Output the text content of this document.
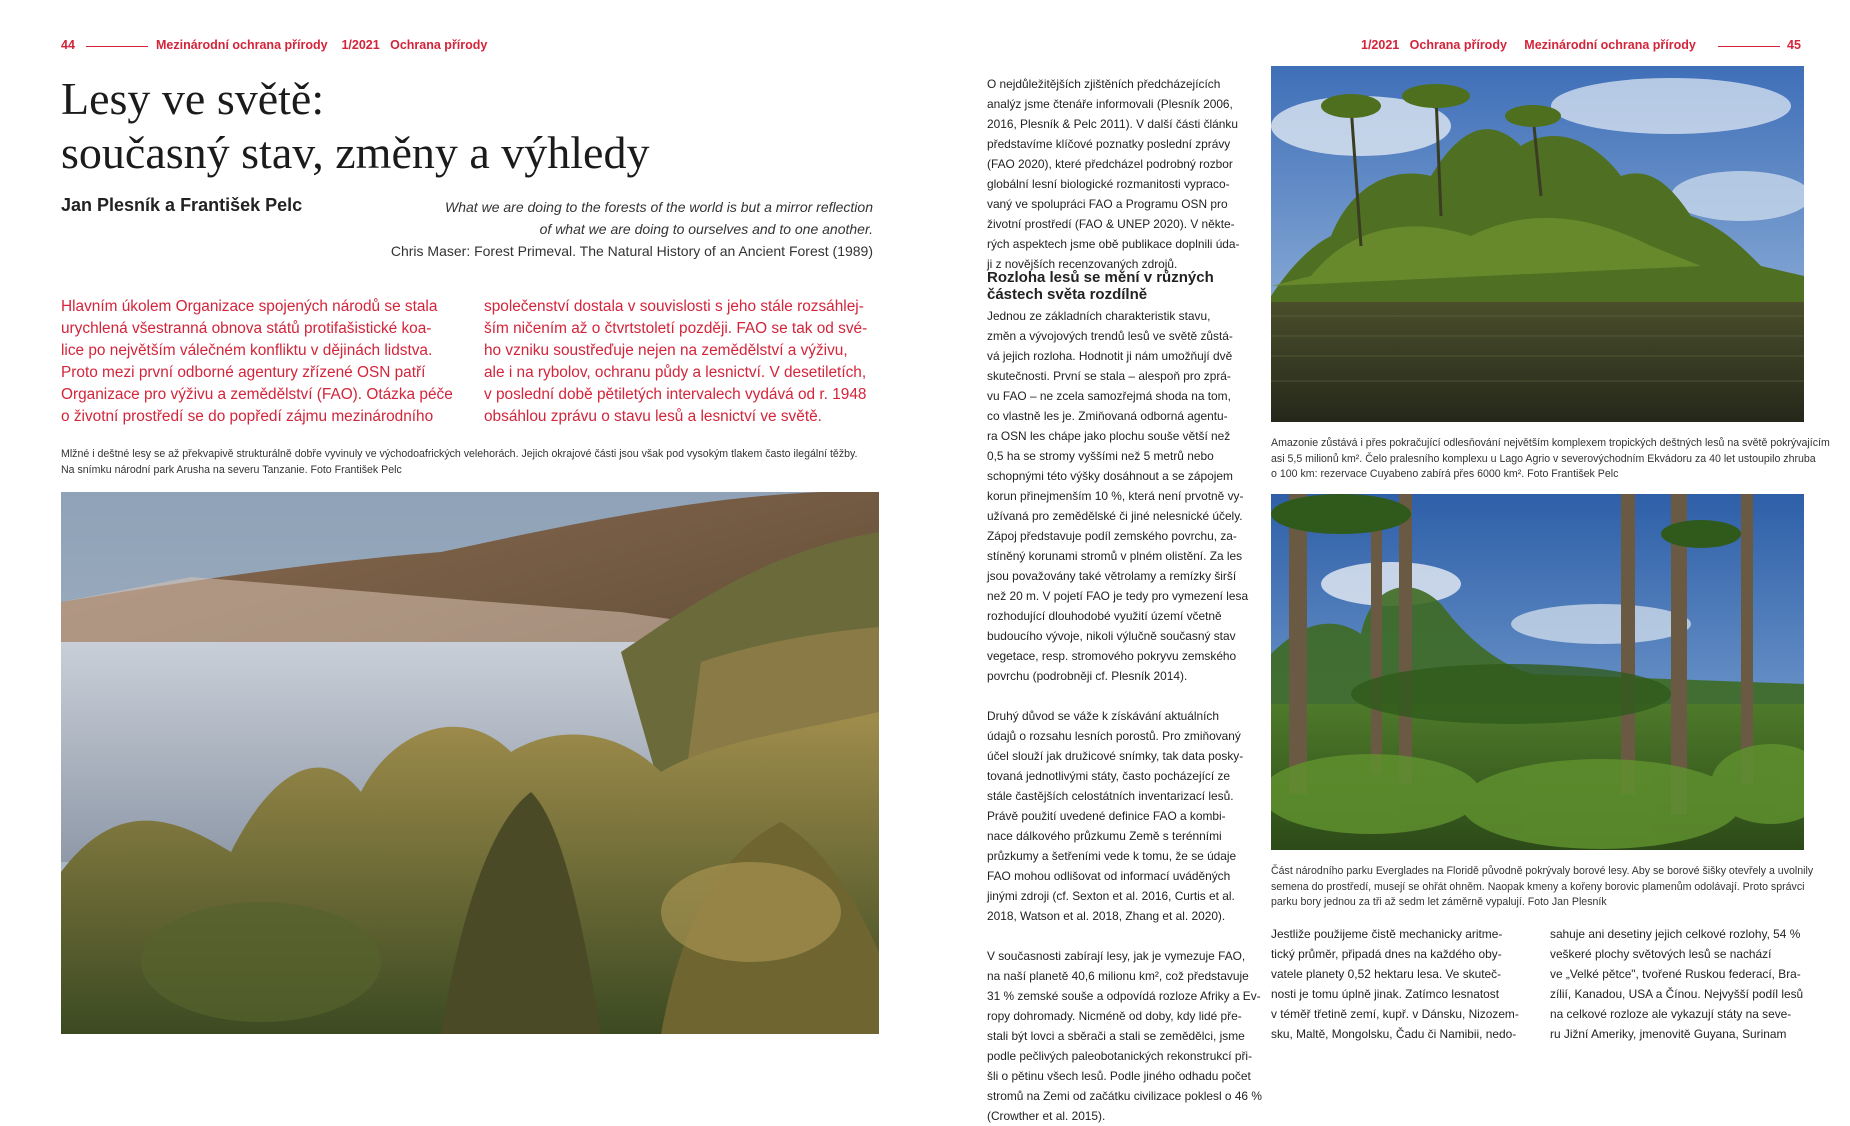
44	Mezinárodní ochrana přírody 1/2021 Ochrana přírody
Lesy ve světě:
současný stav, změny a výhledy
Jan Plesník a František Pelc	What we are doing to the forests of the world is but a mirror reflection
of what we are doing to ourselves and to one another.
Chris Maser: Forest Primeval. The Natural History of an Ancient Forest (1989)

Hlavním úkolem Organizace spojených národů se stala

urychlená všestranná obnova států protifašistické koa-

lice po největším válečném konfliktu v dějinách lidstva.

Proto mezi první odborné agentury zřízené OSN patří

Organizace pro výživu a zemědělství (FAO). Otázka péče

o životní prostředí se do popředí zájmu mezinárodního

společenství dostala v souvislosti s jeho stále rozsáhlej-

ším ničením až o čtvrtstoletí později. FAO se tak od své-

ho vzniku soustřeďuje nejen na zemědělství a výživu,

ale i na rybolov, ochranu půdy a lesnictví. V desetiletích,

v poslední době pětiletých intervalech vydává od r. 1948

obsáhlou zprávu o stavu lesů a lesnictví ve světě.

Mlžné i deštné lesy se až překvapivě strukturálně dobře vyvinuly ve východoafrických velehorách. Jejich okrajové části jsou však pod vysokým tlakem často ilegální těžby.

Na snímku národní park Arusha na severu Tanzanie. Foto František Pelc

1/2021 Ochrana přírody Mezinárodní ochrana přírody	45

O nejdůležitějších zjištěních předcházejících

analýz jsme čtenáře informovali (Plesník 2006,

2016, Plesník & Pelc 2011). V další části článku

představíme klíčové poznatky poslední zprávy

(FAO 2020), které předcházel podrobný rozbor

globální lesní biologické rozmanitosti vypraco-

vaný ve spolupráci FAO a Programu OSN pro

životní prostředí (FAO & UNEP 2020). V někte-

rých aspektech jsme obě publikace doplnili úda-

ji z novějších recenzovaných zdrojů.

Rozloha lesů se mění v různých
částech světa rozdílně

Jednou ze základních charakteristik stavu,

změn a vývojových trendů lesů ve světě zůstá-

vá jejich rozloha. Hodnotit ji nám umožňují dvě

skutečnosti. První se stala – alespoň pro zprá-

vu FAO – ne zcela samozřejmá shoda na tom,

co vlastně les je. Zmiňovaná odborná agentu-

ra OSN les chápe jako plochu souše větší než

0,5 ha se stromy vyššími než 5 metrů nebo

schopnými této výšky dosáhnout a se zápojem

korun přinejmenším 10 %, která není prvotně vy-

užívaná pro zemědělské či jiné nelesnické účely.

Zápoj představuje podíl zemského povrchu, za-

stíněný korunami stromů v plném olistění. Za les

jsou považovány také větrolamy a remízky širší

než 20 m. V pojetí FAO je tedy pro vymezení lesa

rozhodující dlouhodobé využití území včetně

budoucího vývoje, nikoli výlučně současný stav

vegetace, resp. stromového pokryvu zemského

povrchu (podrobněji cf. Plesník 2014).

Druhý důvod se váže k získávání aktuálních

údajů o rozsahu lesních porostů. Pro zmiňovaný

účel slouží jak družicové snímky, tak data posky-

tovaná jednotlivými státy, často pocházející ze

stále častějších celostátních inventarizací lesů.

Právě použití uvedené definice FAO a kombi-

nace dálkového průzkumu Země s terénními

průzkumy a šetřeními vede k tomu, že se údaje

FAO mohou odlišovat od informací uváděných

jinými zdroji (cf. Sexton et al. 2016, Curtis et al.

2018, Watson et al. 2018, Zhang et al. 2020).

V současnosti zabírají lesy, jak je vymezuje FAO,

na naší planetě 40,6 milionu km², což představuje

31 % zemské souše a odpovídá rozloze Afriky a Ev-

ropy dohromady. Nicméně od doby, kdy lidé pře-

stali být lovci a sběrači a stali se zemědělci, jsme

podle pečlivých paleobotanických rekonstrukcí při-

šli o pětinu všech lesů. Podle jiného odhadu počet

stromů na Zemi od začátku civilizace poklesl o 46 %

(Crowther et al. 2015).

Amazonie zůstává i přes pokračující odlesňování největším komplexem tropických deštných lesů na světě pokrývajícím

asi 5,5 milionů km². Čelo pralesního komplexu u Lago Agrio v severovýchodním Ekvádoru za 40 let ustoupilo zhruba

o 100 km: rezervace Cuyabeno zabírá přes 6000 km². Foto František Pelc

Část národního parku Everglades na Floridě původně pokrývaly borové lesy. Aby se borové šišky otevřely a uvolnily

semena do prostředí, musejí se ohřát ohněm. Naopak kmeny a kořeny borovic plamenům odolávají. Proto správci

parku bory jednou za tři až sedm let záměrně vypalují. Foto Jan Plesník

Jestliže použijeme čistě mechanicky aritme-

tický průměr, připadá dnes na každého oby-

vatele planety 0,52 hektaru lesa. Ve skuteč-

nosti je tomu úplně jinak. Zatímco lesnatost

v téměř třetině zemí, kupř. v Dánsku, Nizozem-

sku, Maltě, Mongolsku, Čadu či Namibii, nedo-

sahuje ani desetiny jejich celkové rozlohy, 54 %

veškeré plochy světových lesů se nachází

ve „Velké pětce", tvořené Ruskou federací, Bra-

zílií, Kanadou, USA a Čínou. Nejvyšší podíl lesů

na celkové rozloze ale vykazují státy na seve-

ru Jižní Ameriky, jmenovitě Guyana, Surinam
